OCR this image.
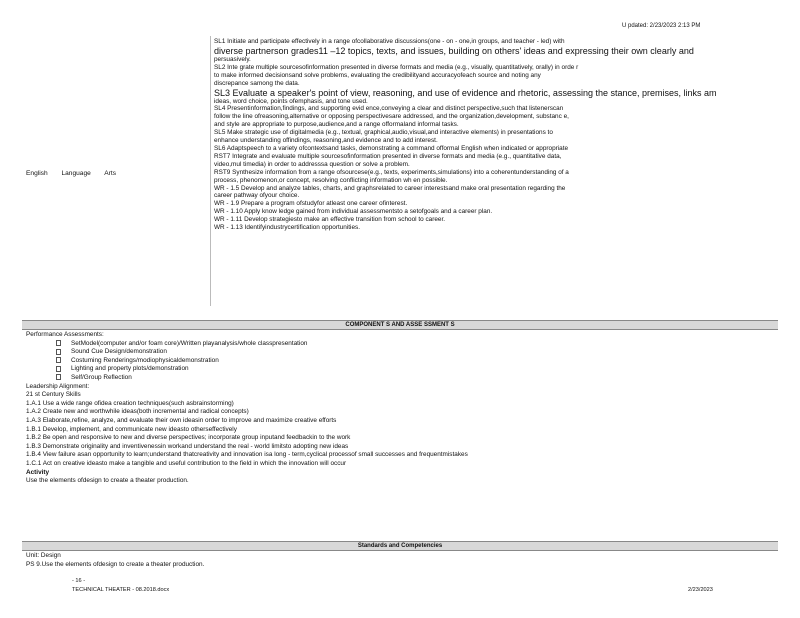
U pdated: 2/23/2023 2:13 PM
English Language Arts
SL1 Initiate and participate effectively in a range ofcollaborative discussions(one - on - one,in groups, and teacher - led) with
diverse partnerson grades11 –12 topics, texts, and issues, building on others' ideas and expressing their own clearly and
persuasively.
SL2 Inte grate multiple sourcesofinformation presented in diverse formats and media (e.g., visually, quantitatively, orally) in orde r
to make informed decisionsand solve problems, evaluating the credibilityand accuracyofeach source and noting any
discrepance samong the data.
SL3 Evaluate a speaker's point of view, reasoning, and use of evidence and rhetoric, assessing the stance, premises, links am
ideas, word choice, points ofemphasis, and tone used.
SL4 Presentinformation,findings, and supporting evid ence,conveying a clear and distinct perspective,such that listenerscan
follow the line ofreasoning,alternative or opposing perspectivesare addressed, and the organization,development, substanc e,
and style are appropriate to purpose,audience,and a range offormaland informal tasks.
SL5 Make strategic use of digitalmedia (e.g., textual, graphical,audio,visual,and interactive elements) in presentations to
enhance understanding offindings, reasoning,and evidence and to add interest.
SL6 Adaptspeech to a variety ofcontextsand tasks, demonstrating a command offormal English when indicated or appropriate
RST7 Integrate and evaluate multiple sourcesofinformation presented in diverse formats and media (e.g., quantitative data,
video,mul timedia) in order to addresssa question or solve a problem.
RST9 Synthesize information from a range ofsourcese(e.g., texts, experiments,simulations) into a coherentunderstanding of a
process, phenomenon,or concept, resolving conflicting information wh en possible.
WR - 1.5 Develop and analyze tables, charts, and graphsrelated to career interestsand make oral presentation regarding the
career pathway ofyour choice.
WR - 1.9 Prepare a program ofstudyfor atleast one career ofinterest.
WR - 1.10 Apply know ledge gained from individual assessmentsto a setofgoals and a career plan.
WR - 1.11 Develop strategiesto make an effective transition from school to career.
WR - 1.13 Identifyindustrycertification opportunities.
COMPONENT S AND ASSE SSMENT S
Performance Assessments:
SetModel(computer and/or foam core)/Written playanalysis/whole classpresentation
Sound Cue Design/demonstration
Costuming Renderings/modiophysicaldemonstration
Lighting and property plots/demonstration
Self/Group Reflection
Leadership Alignment:
21 st Century Skills
1.A.1 Use a wide range ofidea creation techniques(such asbrainstorming)
1.A.2 Create new and worthwhile ideas(both incremental and radical concepts)
1.A.3 Elaborate,refine, analyze, and evaluate their own ideasin order to improve and maximize creative efforts
1.B.1 Develop, implement, and communicate new ideasto otherseffectively
1.B.2 Be open and responsive to new and diverse perspectives; incorporate group inputand feedbackin to the work
1.B.3 Demonstrate originality and inventivenessin workand understand the real - world limitsto adopting new ideas
1.B.4 View failure asan opportunity to learn;understand thatcreativity and innovation isa long - term,cyclical processof small successes and frequentmistakes
1.C.1 Act on creative ideasto make a tangible and useful contribution to the field in which the innovation will occur
Activity
Use the elements ofdesign to create a theater production.
Standards and Competencies
Unit: Design
PS 9.Use the elements ofdesign to create a theater production.
- 16 -
TECHNICAL THEATER - 08.2018.docx	2/23/2023
